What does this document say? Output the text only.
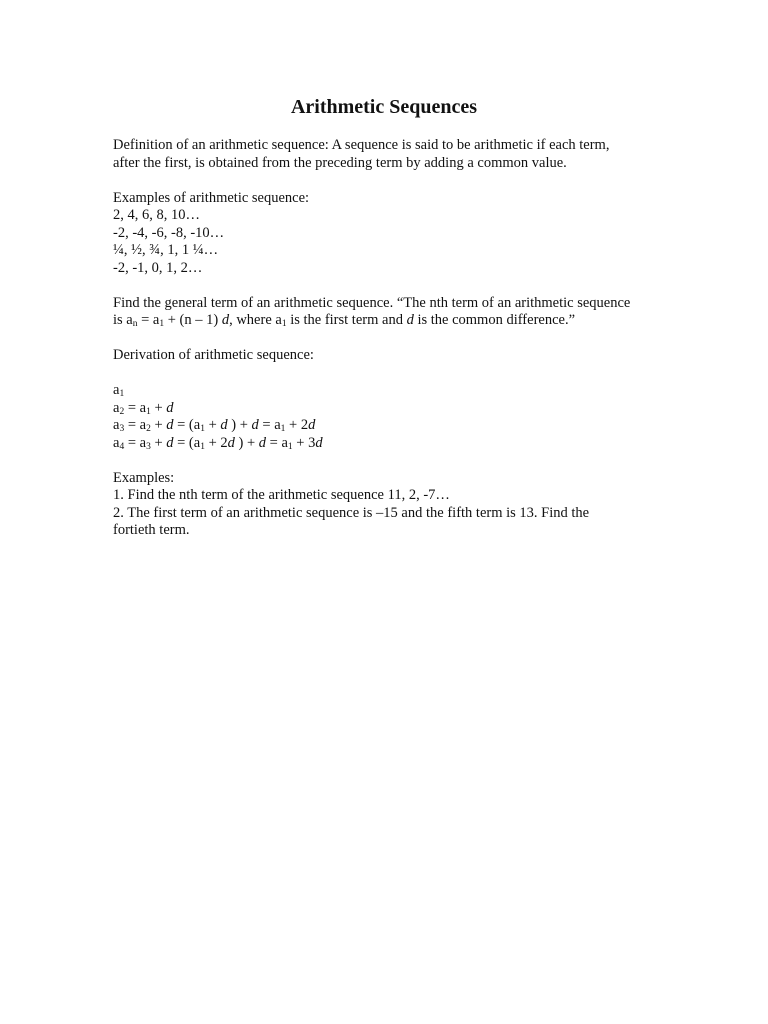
Arithmetic Sequences
Definition of an arithmetic sequence: A sequence is said to be arithmetic if each term,
after the first, is obtained from the preceding term by adding a common value.
Examples of arithmetic sequence:
2, 4, 6, 8, 10…
-2, -4, -6, -8, -10…
¼, ½, ¾, 1, 1 ¼…
-2, -1, 0, 1, 2…
Find the general term of an arithmetic sequence. “The nth term of an arithmetic sequence
is $a_n = a_1 + (n - 1)$ d, where $a_1$ is the first term and d is the common difference.”
Derivation of arithmetic sequence:
$a_1$
$a_2 = a_1 + d$
$a_3 = a_2 + d = (a_1 + d$ ) + $d = a_1 + 2d$
$a_4 = a_3 + d = (a_1 + 2d$ ) + $d = a_1 + 3d$
Examples:
1. Find the nth term of the arithmetic sequence 11, 2, -7…
2. The first term of an arithmetic sequence is –15 and the fifth term is 13. Find the
fortieth term.
